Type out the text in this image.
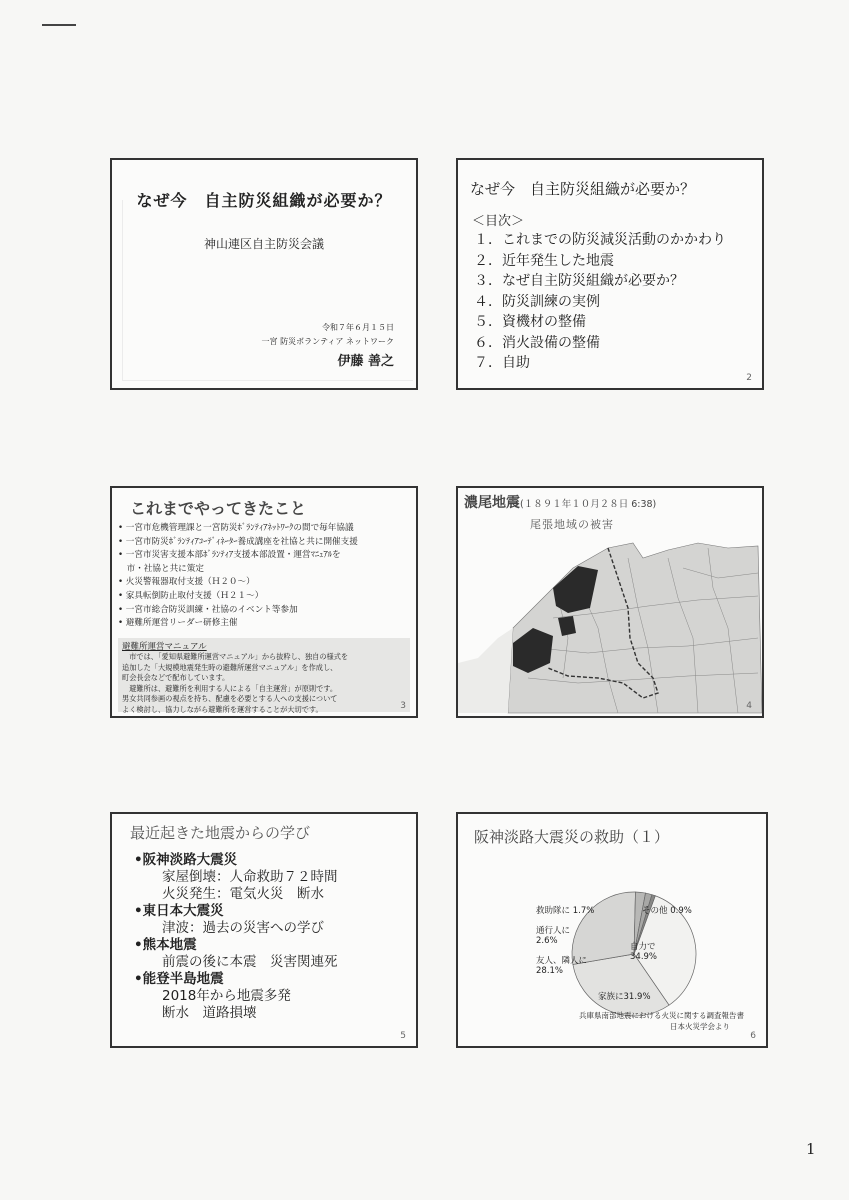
なぜ今　自主防災組織が必要か？
神山連区自主防災会議
令和７年６月１５日
一宮 防災ボランティア ネットワーク
伊藤 善之
なぜ今　自主防災組織が必要か？
＜目次＞
１．これまでの防災減災活動のかかわり
２．近年発生した地震
３．なぜ自主防災組織が必要か？
４．防災訓練の実例
５．資機材の整備
６．消火設備の整備
７．自助
2
これまでやってきたこと
• 一宮市危機管理課と一宮防災ﾎﾞﾗﾝﾃｨｱﾈｯﾄﾜｰｸの間で毎年協議
• 一宮市防災ﾎﾞﾗﾝﾃｨｱｺｰﾃﾞｨﾈｰﾀｰ養成講座を社協と共に開催支援
• 一宮市災害支援本部ﾎﾞﾗﾝﾃｨｱ支援本部設置・運営ﾏﾆｭｱﾙを
　市・社協と共に策定
• 火災警報器取付支援（Ｈ２０～）
• 家具転倒防止取付支援（Ｈ２１～）
• 一宮市総合防災訓練・社協のイベント等参加
• 避難所運営リーダー研修主催
避難所運営マニュアル
　市では、「愛知県避難所運営マニュアル」から抜粋し、独自の様式を
追加した「大規模地震発生時の避難所運営マニュアル」を作成し、
町会長会などで配布しています。
　避難所は、避難所を利用する人による「自主運営」が原則です。
男女共同参画の視点を持ち、配慮を必要とする人への支援について
よく検討し、協力しながら避難所を運営することが大切です。	3
濃尾地震(１８９１年１０月２８日 6:38)
尾張地域の被害
4
最近起きた地震からの学び
•阪神淡路大震災
家屋倒壊：人命救助７２時間
火災発生：電気火災　断水
•東日本大震災
津波：過去の災害への学び
•熊本地震
前震の後に本震　災害関連死
•能登半島地震
2018年から地震多発
断水　道路損壊
5
阪神淡路大震災の救助（１）
自力で
34.9%
家族に31.9%
友人、隣人に
28.1%
通行人に
2.6%
救助隊に 1.7%	その他 0.9%
兵庫県南部地震における火災に関する調査報告書
日本火災学会より
6
1
